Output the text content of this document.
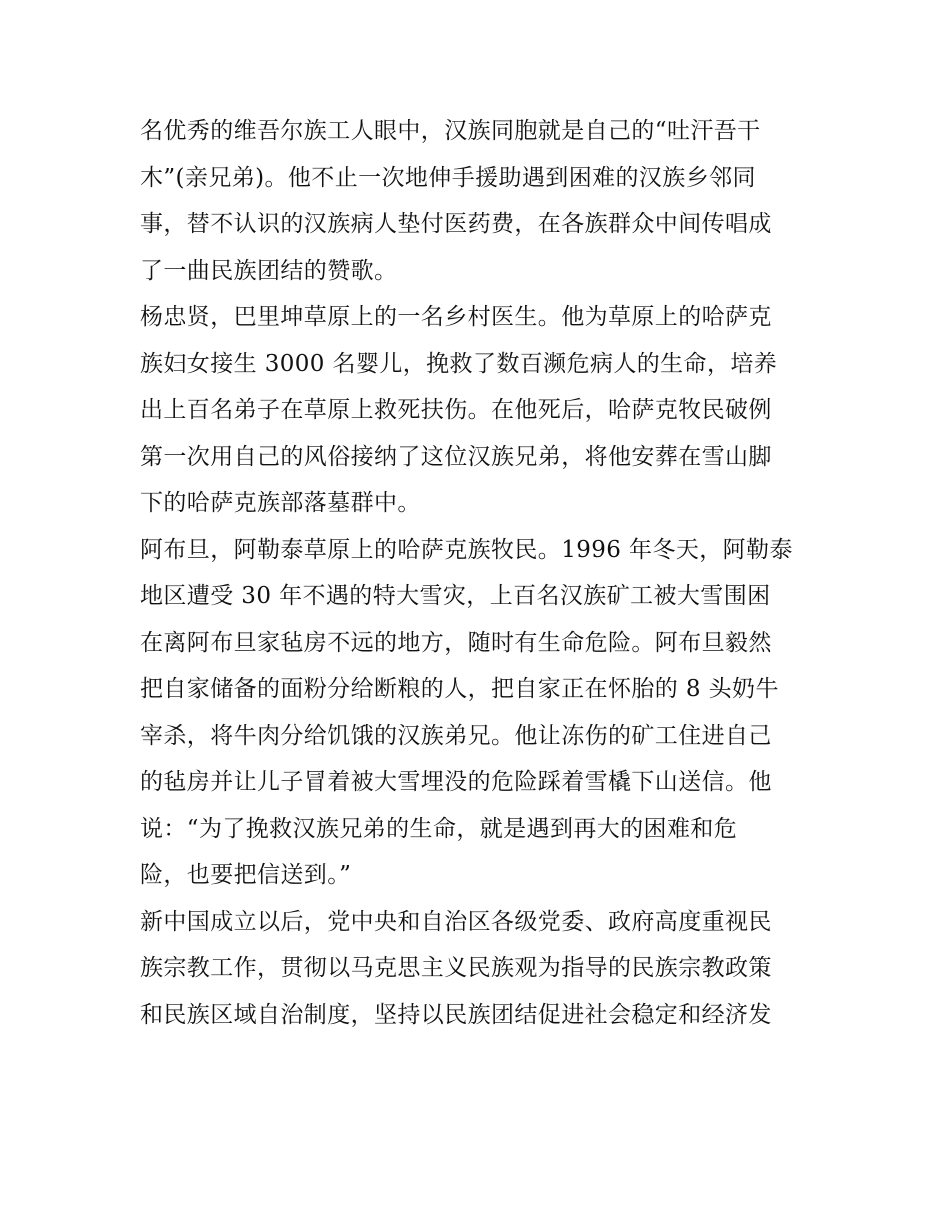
名优秀的维吾尔族工人眼中，汉族同胞就是自己的“吐汗吾干
木”(亲兄弟)。他不止一次地伸手援助遇到困难的汉族乡邻同
事，替不认识的汉族病人垫付医药费，在各族群众中间传唱成
了一曲民族团结的赞歌。
杨忠贤，巴里坤草原上的一名乡村医生。他为草原上的哈萨克
族妇女接生 3000 名婴儿，挽救了数百濒危病人的生命，培养
出上百名弟子在草原上救死扶伤。在他死后，哈萨克牧民破例
第一次用自己的风俗接纳了这位汉族兄弟，将他安葬在雪山脚
下的哈萨克族部落墓群中。
阿布旦，阿勒泰草原上的哈萨克族牧民。1996 年冬天，阿勒泰
地区遭受 30 年不遇的特大雪灾，上百名汉族矿工被大雪围困
在离阿布旦家毡房不远的地方，随时有生命危险。阿布旦毅然
把自家储备的面粉分给断粮的人，把自家正在怀胎的 8 头奶牛
宰杀，将牛肉分给饥饿的汉族弟兄。他让冻伤的矿工住进自己
的毡房并让儿子冒着被大雪埋没的危险踩着雪橇下山送信。他
说：“为了挽救汉族兄弟的生命，就是遇到再大的困难和危
险，也要把信送到。”
新中国成立以后，党中央和自治区各级党委、政府高度重视民
族宗教工作，贯彻以马克思主义民族观为指导的民族宗教政策
和民族区域自治制度，坚持以民族团结促进社会稳定和经济发
